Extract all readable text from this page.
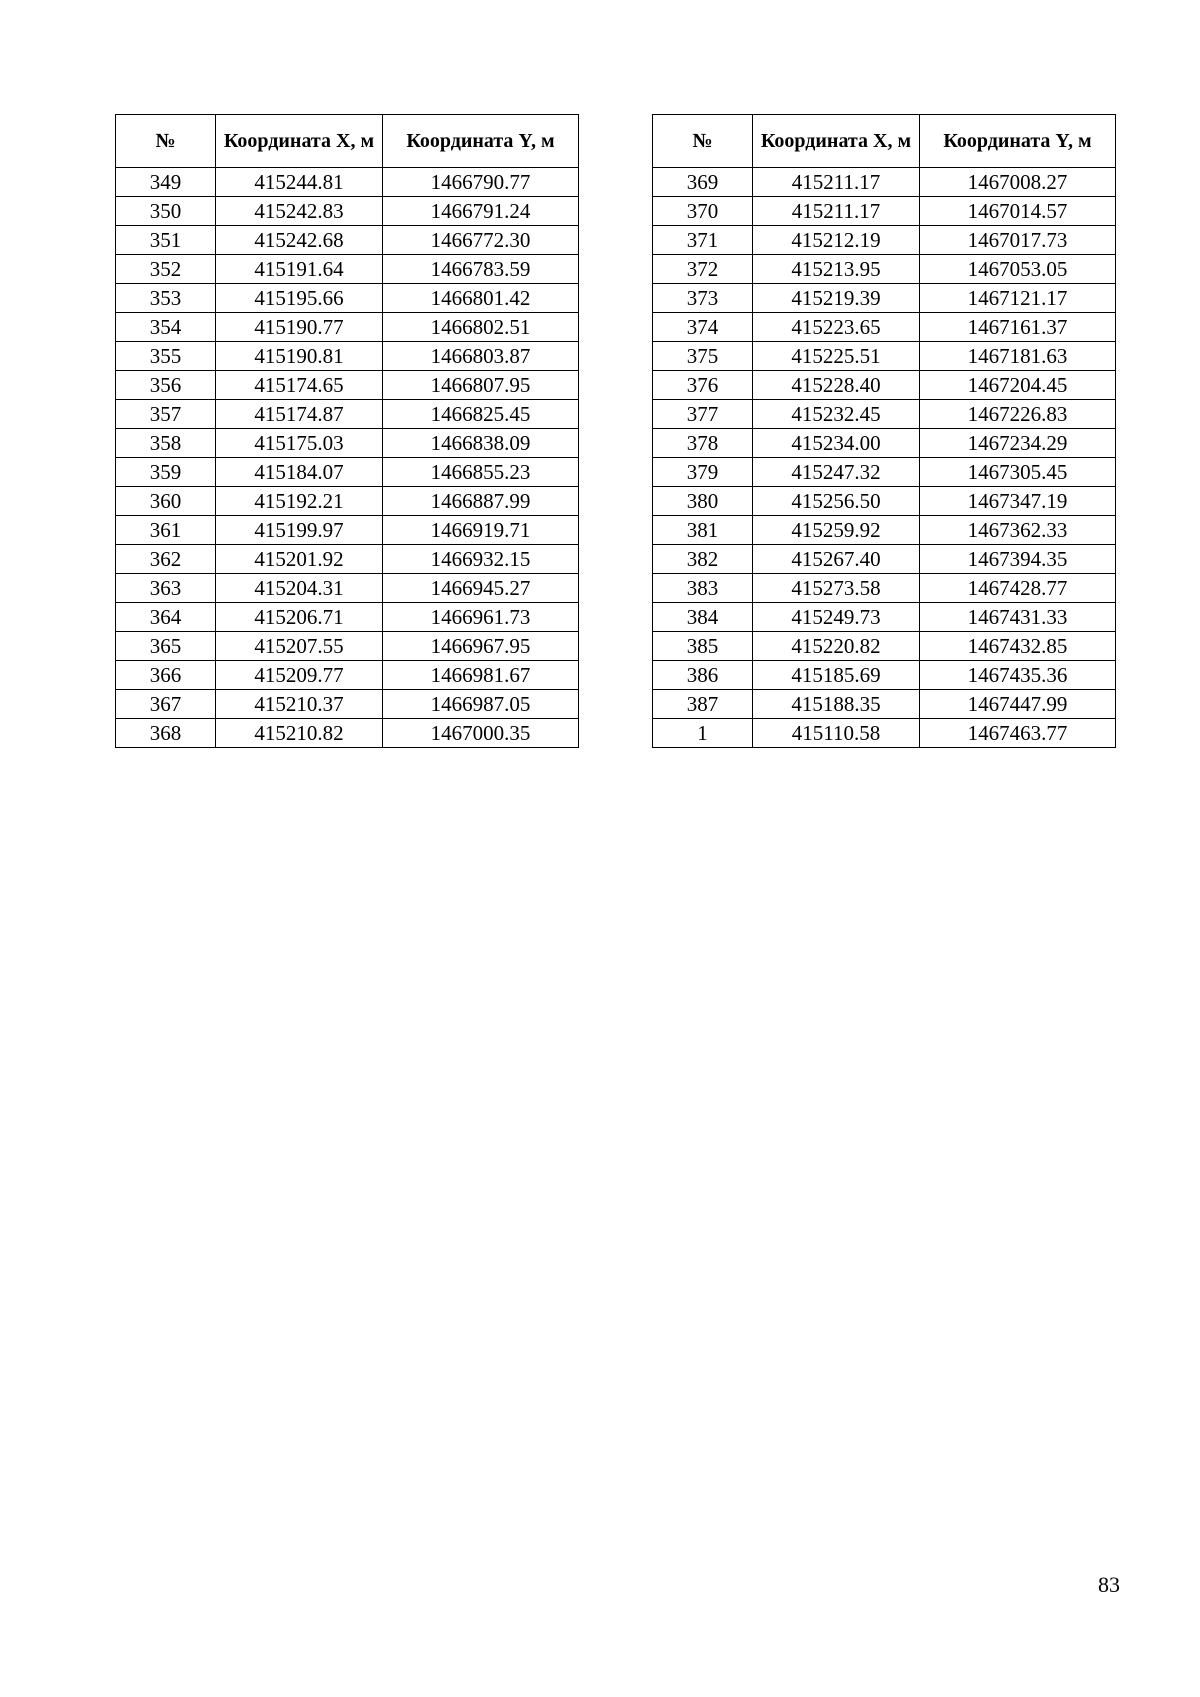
№	Координата X, м	Координата Y, м
349	415244.81	1466790.77
350	415242.83	1466791.24
351	415242.68	1466772.30
352	415191.64	1466783.59
353	415195.66	1466801.42
354	415190.77	1466802.51
355	415190.81	1466803.87
356	415174.65	1466807.95
357	415174.87	1466825.45
358	415175.03	1466838.09
359	415184.07	1466855.23
360	415192.21	1466887.99
361	415199.97	1466919.71
362	415201.92	1466932.15
363	415204.31	1466945.27
364	415206.71	1466961.73
365	415207.55	1466967.95
366	415209.77	1466981.67
367	415210.37	1466987.05
368	415210.82	1467000.35
№	Координата X, м	Координата Y, м
369	415211.17	1467008.27
370	415211.17	1467014.57
371	415212.19	1467017.73
372	415213.95	1467053.05
373	415219.39	1467121.17
374	415223.65	1467161.37
375	415225.51	1467181.63
376	415228.40	1467204.45
377	415232.45	1467226.83
378	415234.00	1467234.29
379	415247.32	1467305.45
380	415256.50	1467347.19
381	415259.92	1467362.33
382	415267.40	1467394.35
383	415273.58	1467428.77
384	415249.73	1467431.33
385	415220.82	1467432.85
386	415185.69	1467435.36
387	415188.35	1467447.99
1	415110.58	1467463.77
83
